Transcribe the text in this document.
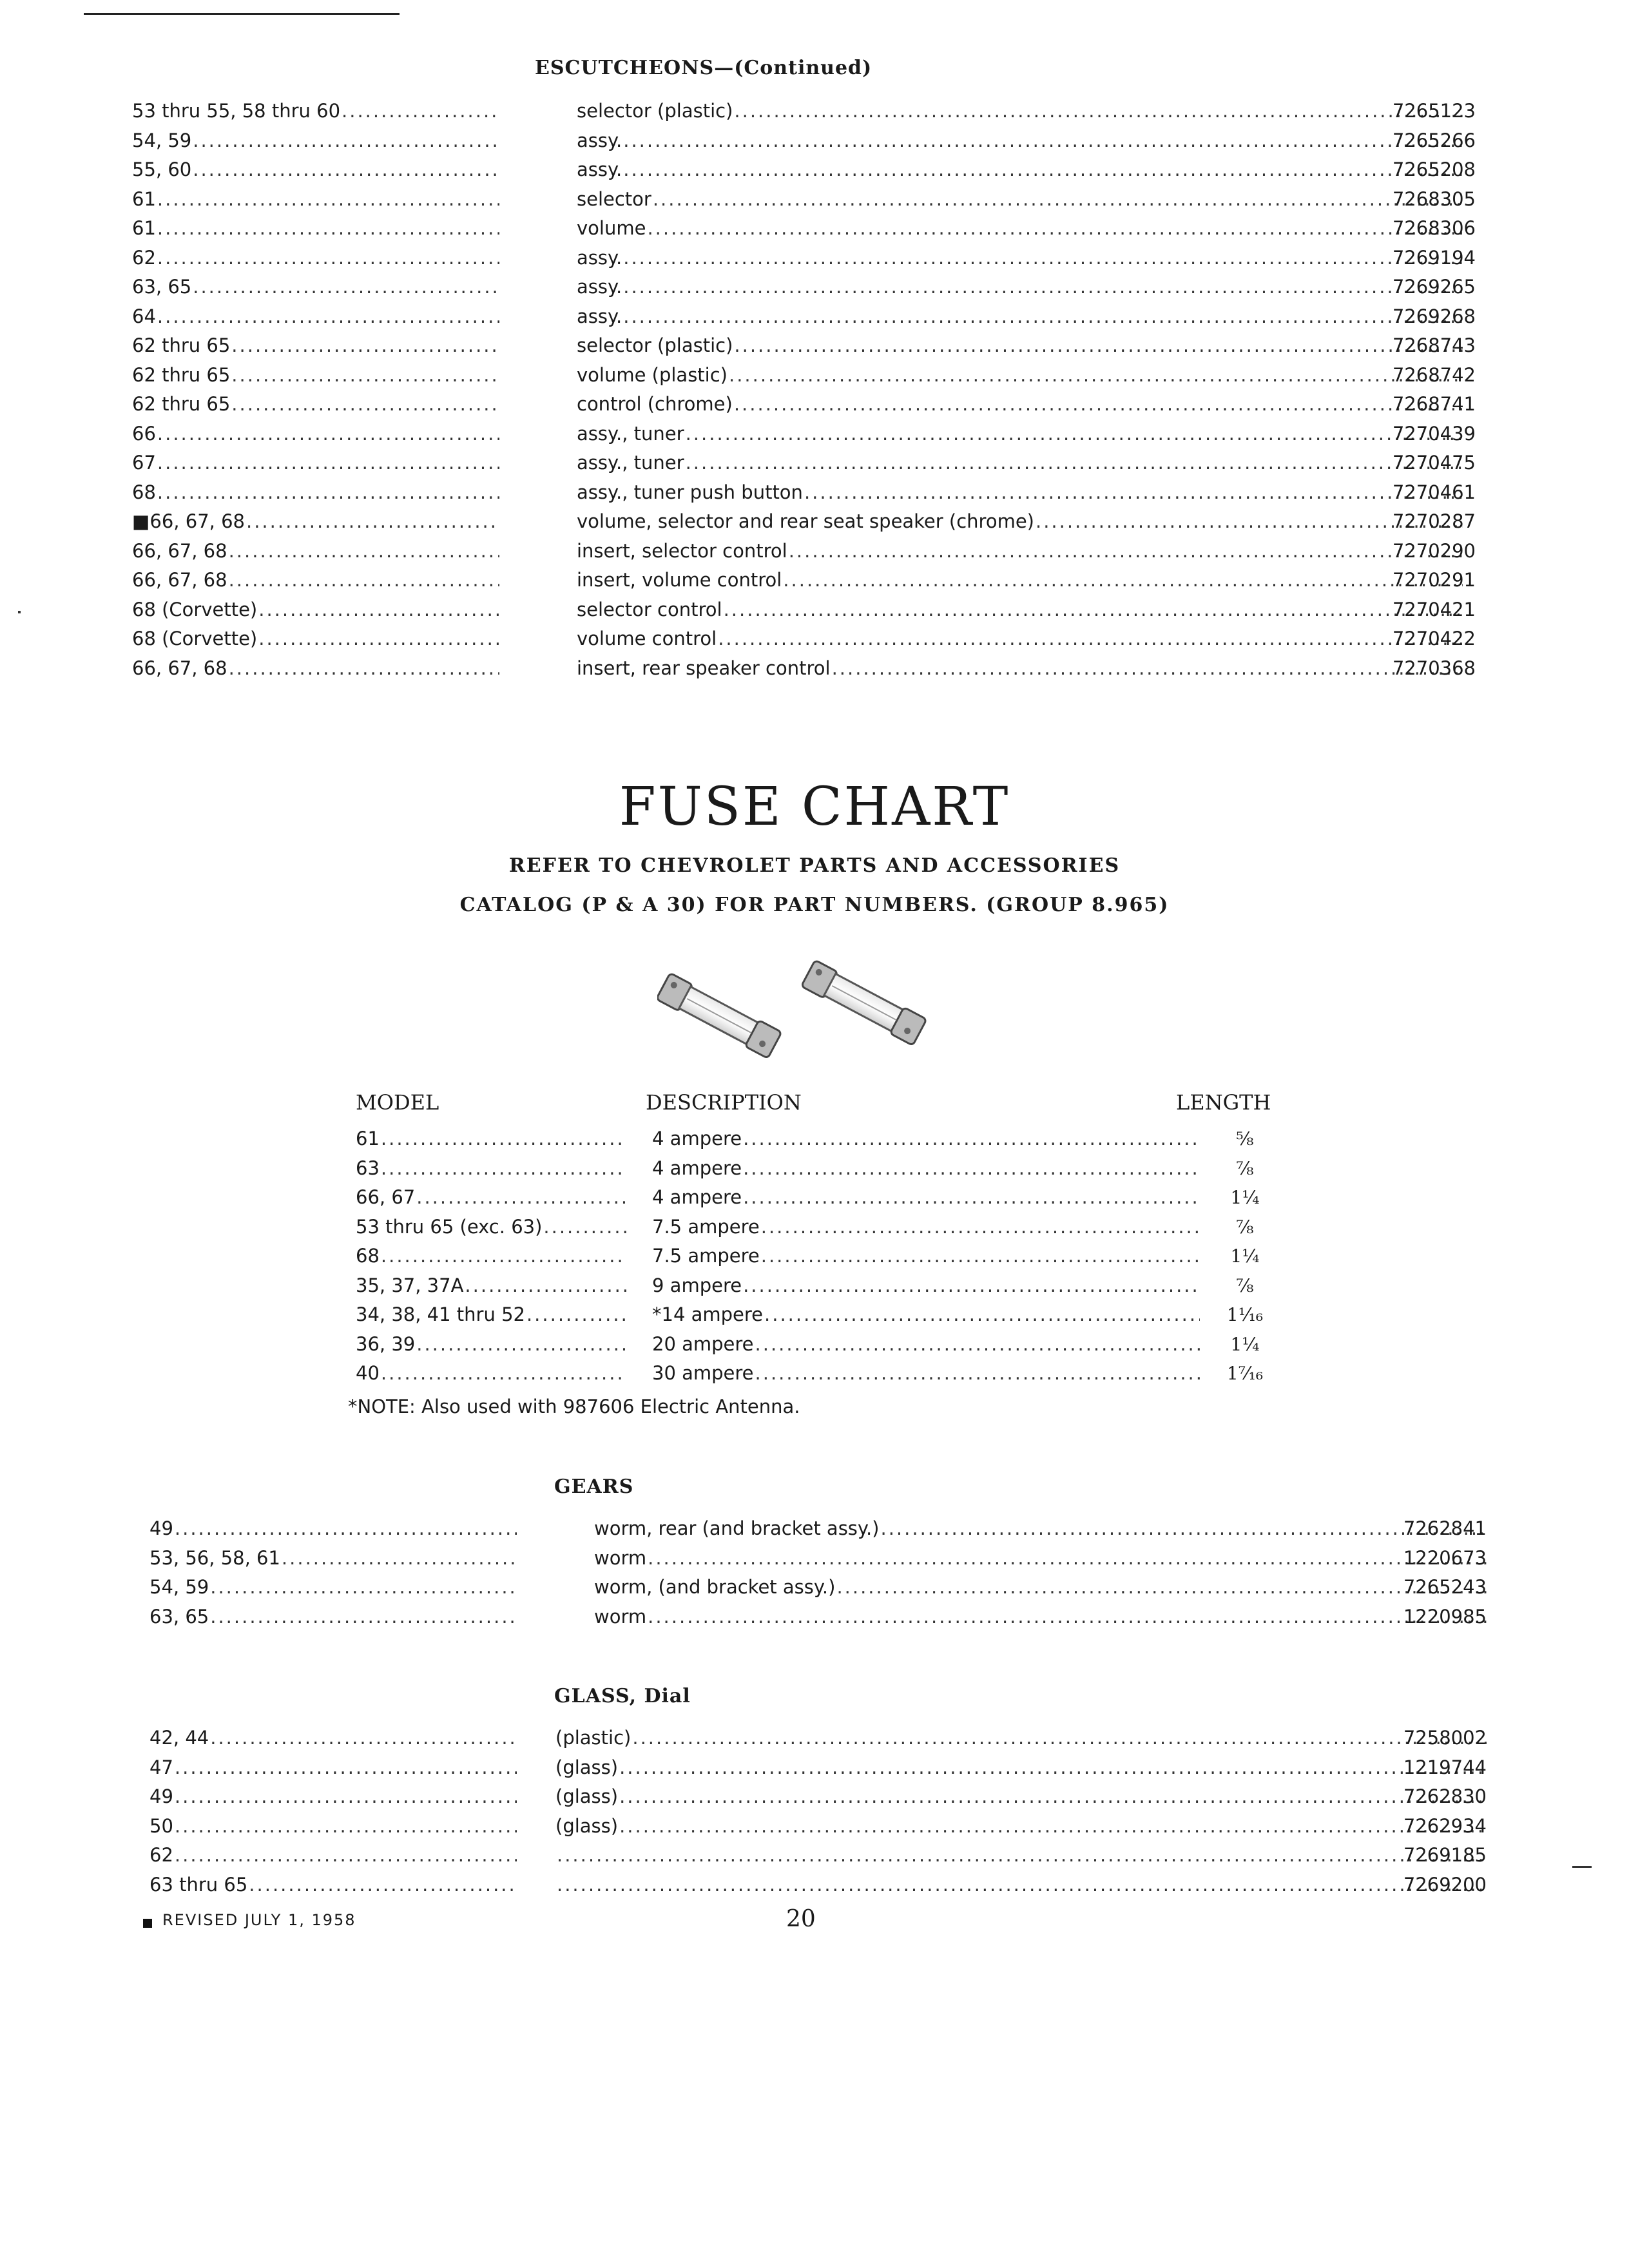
ESCUTCHEONS—(Continued)
53 thru 55, 58 thru 60 .....	selector (plastic) .....	7265123
54, 59 .....	assy. .....	7265266
55, 60 .....	assy. .....	7265208
61 .....	selector .....	7268305
61 .....	volume .....	7268306
62 .....	assy. .....	7269194
63, 65 .....	assy. .....	7269265
64 .....	assy. .....	7269268
62 thru 65 .....	selector (plastic) .....	7268743
62 thru 65 .....	volume (plastic) .....	7268742
62 thru 65 .....	control (chrome) .....	7268741
66 .....	assy., tuner .....	7270439
67 .....	assy., tuner .....	7270475
68 .....	assy., tuner push button .....	7270461
■66, 67, 68 .....	volume, selector and rear seat speaker (chrome) .....	7270287
66, 67, 68 .....	insert, selector control .....	7270290
66, 67, 68 .....	insert, volume control .....	7270291
68 (Corvette) .....	selector control .....	7270421
68 (Corvette) .....	volume control .....	7270422
66, 67, 68 .....	insert, rear speaker control .....	7270368
FUSE CHART
REFER TO CHEVROLET PARTS AND ACCESSORIES
CATALOG (P & A 30) FOR PART NUMBERS. (GROUP 8.965)
MODEL	DESCRIPTION	LENGTH
61 .....	4 ampere .....	⅝
63 .....	4 ampere .....	⅞
66, 67 .....	4 ampere .....	1¼
53 thru 65 (exc. 63) .....	7.5 ampere .....	⅞
68 .....	7.5 ampere .....	1¼
35, 37, 37A .....	9 ampere .....	⅞
34, 38, 41 thru 52 .....	*14 ampere .....	1¹⁄₁₆
36, 39 .....	20 ampere .....	1¼
40 .....	30 ampere .....	1⁷⁄₁₆
*NOTE: Also used with 987606 Electric Antenna.
GEARS
49 .....	worm, rear (and bracket assy.) .....	7262841
53, 56, 58, 61 .....	worm .....	1220673
54, 59 .....	worm, (and bracket assy.) .....	7265243
63, 65 .....	worm .....	1220985
GLASS, Dial
42, 44 .....	(plastic) .....	7258002
47 .....	(glass) .....	1219744
49 .....	(glass) .....	7262830
50 .....	(glass) .....	7262934
62 ..... .....	7269185
63 thru 65 ..... .....	7269200
REVISED JULY 1, 1958	20
